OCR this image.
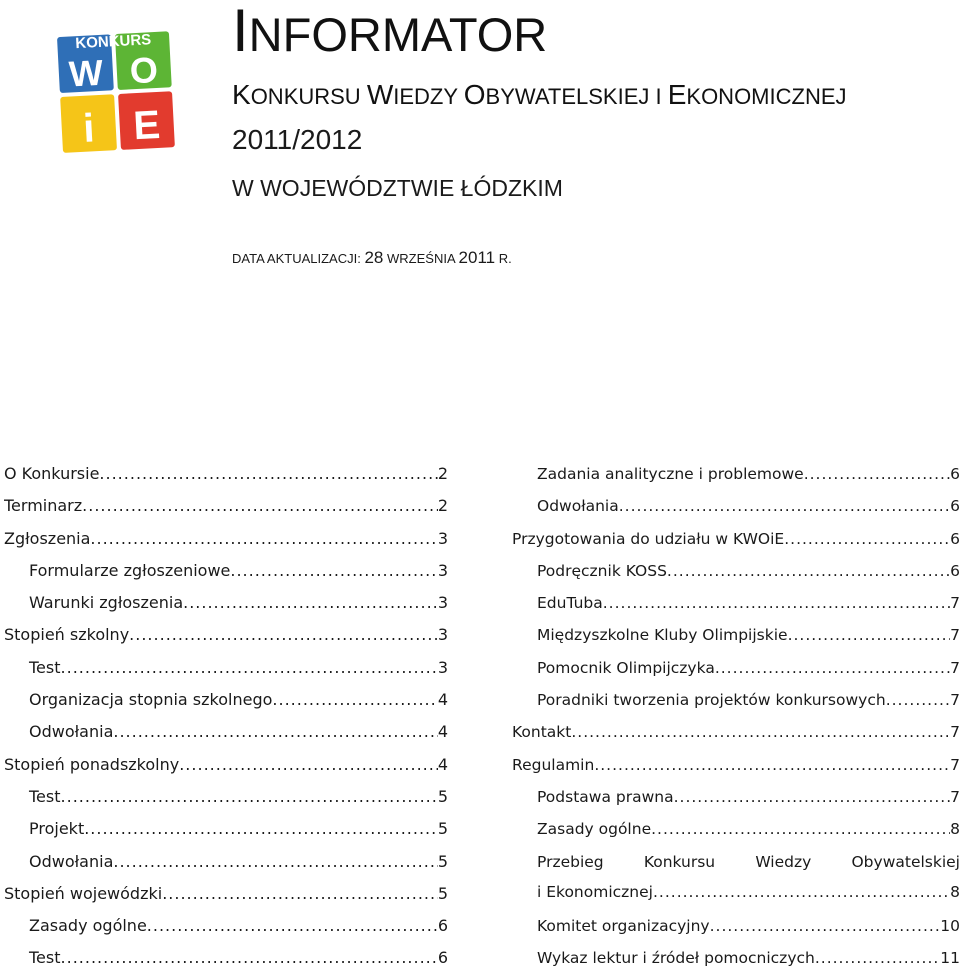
KONKURS
W O
i E
INFORMATOR
KONKURSU WIEDZY OBYWATELSKIEJ I EKONOMICZNEJ
2011/2012
W WOJEWÓDZTWIE ŁÓDZKIM
DATA AKTUALIZACJI: 28 WRZEŚNIA 2011 R.
O Konkursie .....	2
Terminarz .....	2
Zgłoszenia .....	3
Formularze zgłoszeniowe .....	3
Warunki zgłoszenia .....	3
Stopień szkolny .....	3
Test .....	3
Organizacja stopnia szkolnego .....	4
Odwołania .....	4
Stopień ponadszkolny .....	4
Test .....	5
Projekt .....	5
Odwołania .....	5
Stopień wojewódzki .....	5
Zasady ogólne .....	6
Test .....	6
Zadania analityczne i problemowe .....	6
Odwołania .....	6
Przygotowania do udziału w KWOiE .....	6
Podręcznik KOSS .....	6
EduTuba .....	7
Międzyszkolne Kluby Olimpijskie .....	7
Pomocnik Olimpijczyka .....	7
Poradniki tworzenia projektów konkursowych .....	7
Kontakt .....	7
Regulamin .....	7
Podstawa prawna .....	7
Zasady ogólne .....	8
Przebieg	Konkursu	Wiedzy	Obywatelskiej
i Ekonomicznej .....	8
Komitet organizacyjny .....	10
Wykaz lektur i źródeł pomocniczych .....	11
